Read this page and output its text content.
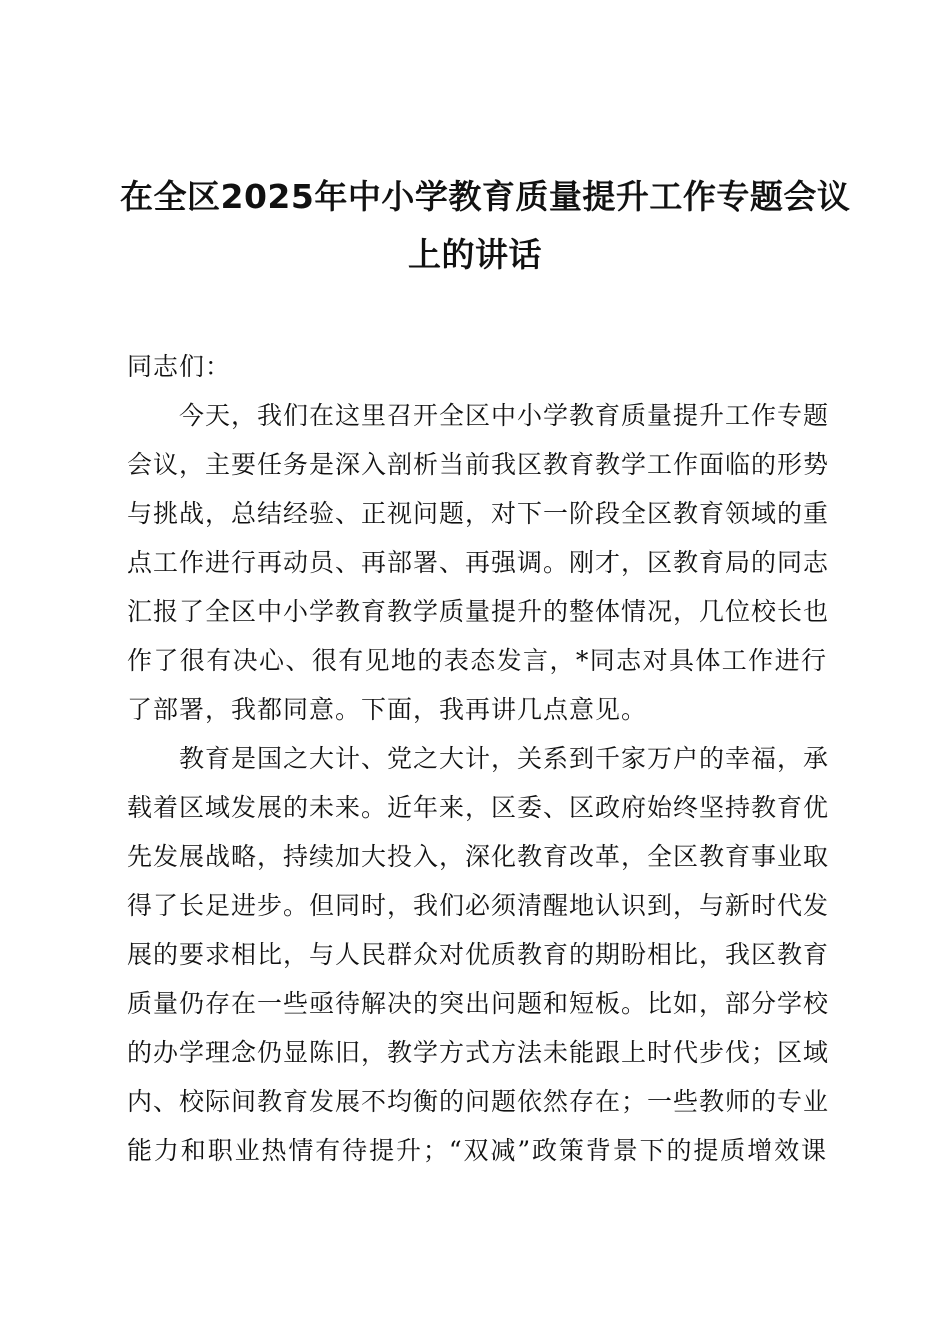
在全区2025年中小学教育质量提升工作专题会议
上的讲话
同志们：
今天，我们在这里召开全区中小学教育质量提升工作专题
会议，主要任务是深入剖析当前我区教育教学工作面临的形势
与挑战，总结经验、正视问题，对下一阶段全区教育领域的重
点工作进行再动员、再部署、再强调。刚才，区教育局的同志
汇报了全区中小学教育教学质量提升的整体情况，几位校长也
作了很有决心、很有见地的表态发言，*同志对具体工作进行
了部署，我都同意。下面，我再讲几点意见。
教育是国之大计、党之大计，关系到千家万户的幸福，承
载着区域发展的未来。近年来，区委、区政府始终坚持教育优
先发展战略，持续加大投入，深化教育改革，全区教育事业取
得了长足进步。但同时，我们必须清醒地认识到，与新时代发
展的要求相比，与人民群众对优质教育的期盼相比，我区教育
质量仍存在一些亟待解决的突出问题和短板。比如，部分学校
的办学理念仍显陈旧，教学方式方法未能跟上时代步伐；区域
内、校际间教育发展不均衡的问题依然存在；一些教师的专业
能力和职业热情有待提升；“双减”政策背景下的提质增效课
